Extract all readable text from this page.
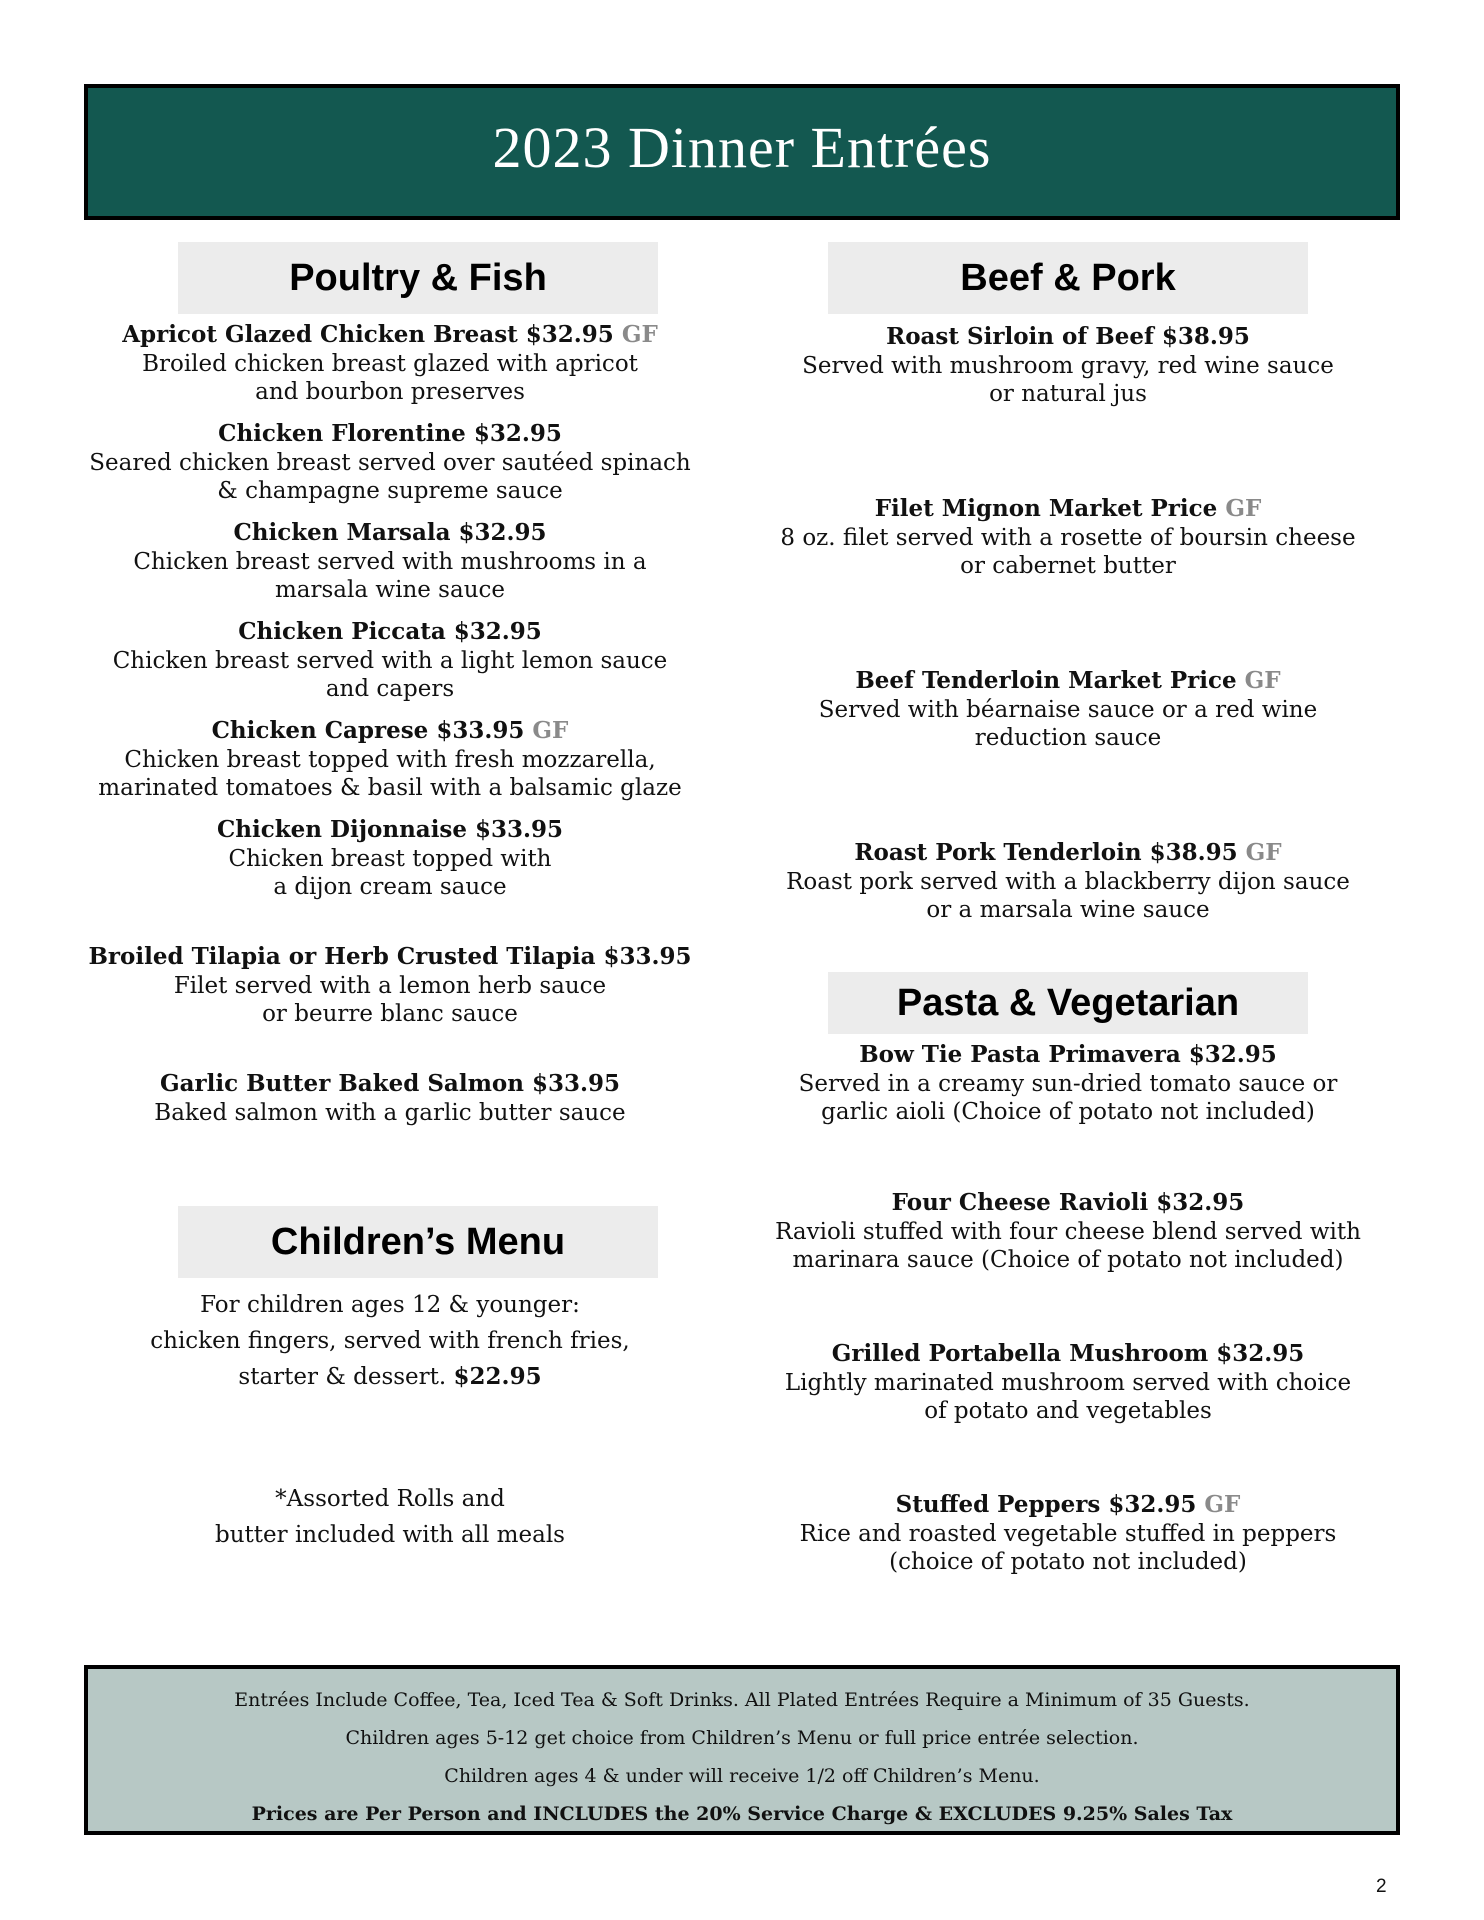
2023 Dinner Entrées
Poultry & Fish
Apricot Glazed Chicken Breast $32.95 GF
Broiled chicken breast glazed with apricot
and bourbon preserves
Chicken Florentine $32.95
Seared chicken breast served over sautéed spinach
& champagne supreme sauce
Chicken Marsala $32.95
Chicken breast served with mushrooms in a
marsala wine sauce
Chicken Piccata $32.95
Chicken breast served with a light lemon sauce
and capers
Chicken Caprese $33.95 GF
Chicken breast topped with fresh mozzarella,
marinated tomatoes & basil with a balsamic glaze
Chicken Dijonnaise $33.95
Chicken breast topped with
a dijon cream sauce
Broiled Tilapia or Herb Crusted Tilapia $33.95
Filet served with a lemon herb sauce
or beurre blanc sauce
Garlic Butter Baked Salmon $33.95
Baked salmon with a garlic butter sauce
Children’s Menu
For children ages 12 & younger:
chicken fingers, served with french fries,
starter & dessert. $22.95
*Assorted Rolls and
butter included with all meals
Beef & Pork
Roast Sirloin of Beef $38.95
Served with mushroom gravy, red wine sauce
or natural jus
Filet Mignon Market Price GF
8 oz. filet served with a rosette of boursin cheese
or cabernet butter
Beef Tenderloin Market Price GF
Served with béarnaise sauce or a red wine
reduction sauce
Roast Pork Tenderloin $38.95 GF
Roast pork served with a blackberry dijon sauce
or a marsala wine sauce
Pasta & Vegetarian
Bow Tie Pasta Primavera $32.95
Served in a creamy sun-dried tomato sauce or
garlic aioli (Choice of potato not included)
Four Cheese Ravioli $32.95
Ravioli stuffed with four cheese blend served with
marinara sauce (Choice of potato not included)
Grilled Portabella Mushroom $32.95
Lightly marinated mushroom served with choice
of potato and vegetables
Stuffed Peppers $32.95 GF
Rice and roasted vegetable stuffed in peppers
(choice of potato not included)
Entrées Include Coffee, Tea, Iced Tea & Soft Drinks. All Plated Entrées Require a Minimum of 35 Guests.
Children ages 5-12 get choice from Children’s Menu or full price entrée selection.
Children ages 4 & under will receive 1/2 off Children’s Menu.
Prices are Per Person and INCLUDES the 20% Service Charge & EXCLUDES 9.25% Sales Tax
2
